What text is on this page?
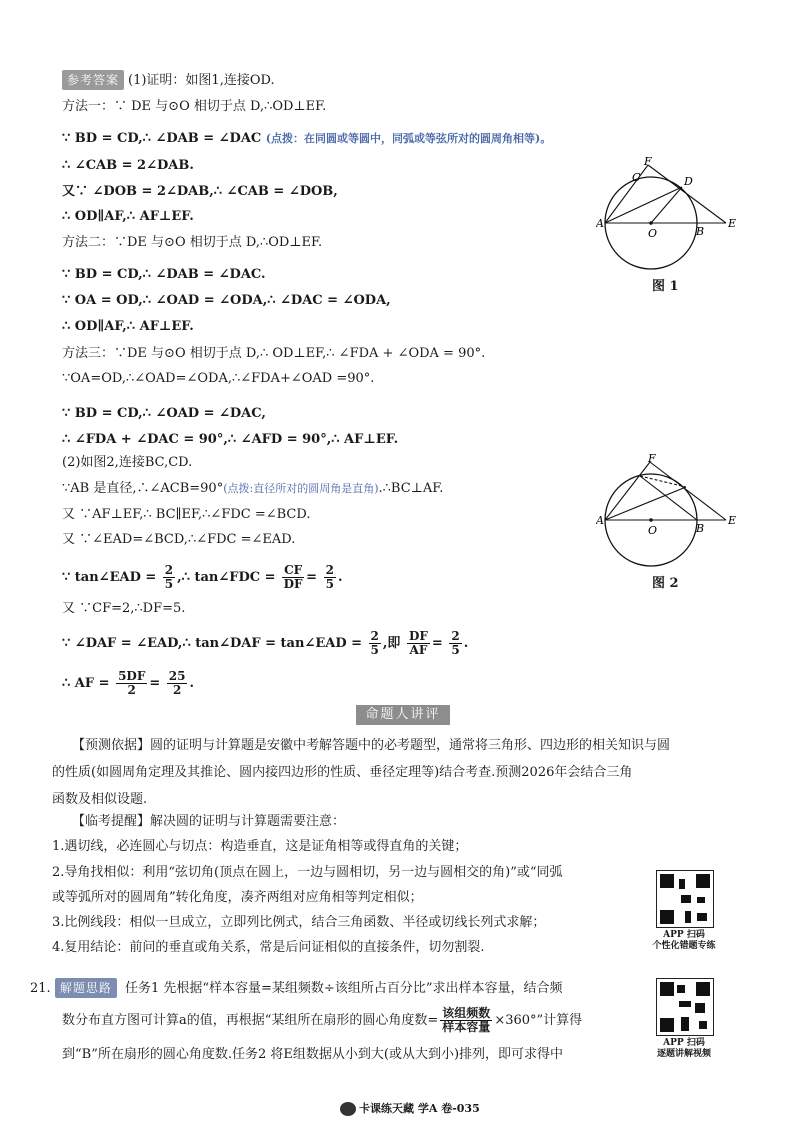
参考答案 (1)证明：如图1,连接OD.
方法一：∵ DE 与⊙O 相切于点 D,∴OD⊥EF.
∵ BD = CD,∴ ∠DAB = ∠DAC (点拨：在同圆或等圆中，同弧或等弦所对的圆周角相等)。
∴ ∠CAB = 2∠DAB.
又∵ ∠DOB = 2∠DAB,∴ ∠CAB = ∠DOB,
∴ OD∥AF,∴ AF⊥EF.
方法二：∵DE 与⊙O 相切于点 D,∴OD⊥EF.
∵ BD = CD,∴ ∠DAB = ∠DAC.
∵ OA = OD,∴ ∠OAD = ∠ODA,∴ ∠DAC = ∠ODA,
∴ OD∥AF,∴ AF⊥EF.
方法三：∵DE 与⊙O 相切于点 D,∴ OD⊥EF,∴ ∠FDA + ∠ODA = 90°.
∵OA=OD,∴∠OAD=∠ODA,∴∠FDA+∠OAD =90°.
∵ BD = CD,∴ ∠OAD = ∠DAC,
∴ ∠FDA + ∠DAC = 90°,∴ ∠AFD = 90°,∴ AF⊥EF.
(2)如图2,连接BC,CD.
∵AB 是直径,∴∠ACB=90°(点拨:直径所对的圆周角是直角).∴BC⊥AF.
又 ∵AF⊥EF,∴ BC∥EF,∴∠FDC =∠BCD.
又 ∵∠EAD=∠BCD,∴∠FDC =∠EAD.
∵ tan∠EAD = $\frac{2}{5}$ ,∴ tan∠FDC = $\frac{CF}{DF} = \frac{2}{5}$ .
又 ∵CF=2,∴DF=5.
∵ ∠DAF = ∠EAD,∴ tan∠DAF = tan∠EAD = $\frac{2}{5}$ ,即 $\frac{DF}{AF} = \frac{2}{5}$ .
∴ AF = $\frac{5DF}{2} = \frac{25}{2}$ .
F
C	D
A
O	B
E
图 1
F
A
O	B
E
图 2
命题人讲评
【预测依据】圆的证明与计算题是安徽中考解答题中的必考题型，通常将三角形、四边形的相关知识与圆
的性质(如圆周角定理及其推论、圆内接四边形的性质、垂径定理等)结合考查.预测2026年会结合三角
函数及相似设题.
【临考提醒】解决圆的证明与计算题需要注意：
1.遇切线，必连圆心与切点：构造垂直，这是证角相等或得直角的关键；
2.导角找相似：利用“弦切角(顶点在圆上，一边与圆相切，另一边与圆相交的角)”或“同弧
或等弧所对的圆周角”转化角度，凑齐两组对应角相等判定相似；
3.比例线段：相似一旦成立，立即列比例式，结合三角函数、半径或切线长列式求解；
4.复用结论：前问的垂直或角关系，常是后问证相似的直接条件，切勿割裂.
APP 扫码
个性化错题专练
21. 解题思路 任务1 先根据“样本容量=某组频数÷该组所占百分比”求出样本容量，结合频
数分布直方图可计算a的值，再根据“某组所在扇形的圆心角度数= $\frac{\text{该组频数}}{\text{样本容量}} \times 360^\circ$”计算得
到“B”所在扇形的圆心角度数.任务2 将E组数据从小到大(或从大到小)排列，即可求得中
APP 扫码
逐题讲解视频
卡课练天藏 学A 卷-035
